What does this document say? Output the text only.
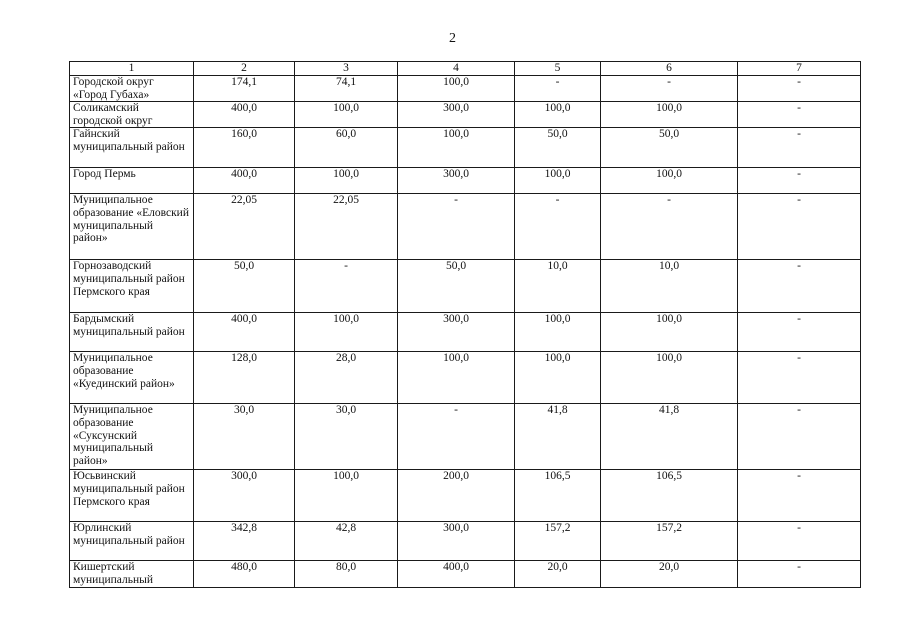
2
1	2	3	4	5	6	7
Городской округ «Город Губаха»	174,1	74,1	100,0	-	-	-
Соликамский городской округ	400,0	100,0	300,0	100,0	100,0	-
Гайнский муниципальный район	160,0	60,0	100,0	50,0	50,0	-
Город Пермь	400,0	100,0	300,0	100,0	100,0	-
Муниципальное образование «Еловский муниципальный район»	22,05	22,05	-	-	-	-
Горнозаводский муниципальный район Пермского края	50,0	-	50,0	10,0	10,0	-
Бардымский муниципальный район	400,0	100,0	300,0	100,0	100,0	-
Муниципальное образование «Куединский район»	128,0	28,0	100,0	100,0	100,0	-
Муниципальное образование «Суксунский муниципальный район»	30,0	30,0	-	41,8	41,8	-
Юсьвинский муниципальный район Пермского края	300,0	100,0	200,0	106,5	106,5	-
Юрлинский муниципальный район	342,8	42,8	300,0	157,2	157,2	-
Кишертский муниципальный	480,0	80,0	400,0	20,0	20,0	-
